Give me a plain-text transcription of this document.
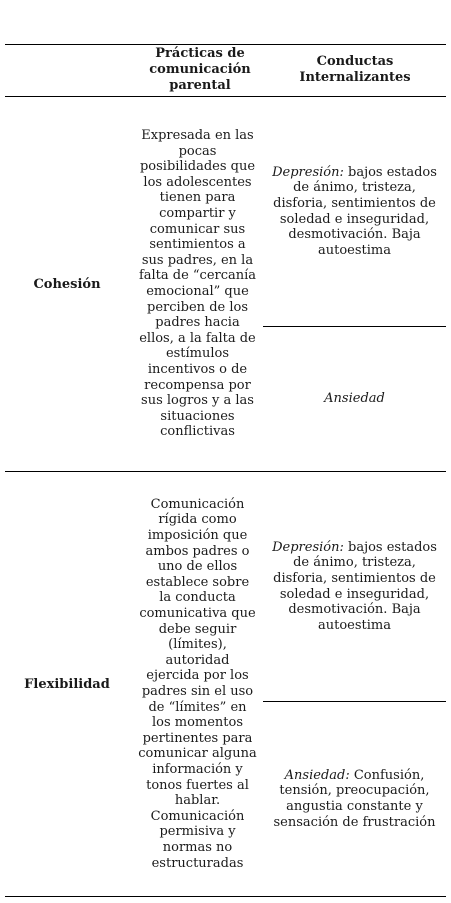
Prácticas de comunicación parental
Conductas Internalizantes
Cohesión
Expresada en las pocas posibilidades que los adolescentes tienen para compartir y comunicar sus sentimientos a sus padres, en la falta de “cercanía emocional” que perciben de los padres hacia ellos, a la falta de estímulos incentivos o de recompensa por sus logros y a las situaciones conflictivas
Depresión: bajos estados de ánimo, tristeza, disforia, sentimientos de soledad e inseguridad, desmotivación. Baja autoestima
Ansiedad
Flexibilidad
Comunicación rígida como imposición que ambos padres o uno de ellos establece sobre la conducta comunicativa que debe seguir (límites), autoridad ejercida por los padres sin el uso de “límites” en los momentos pertinentes para comunicar alguna información y tonos fuertes al hablar. Comunicación permisiva y normas no estructuradas
Depresión: bajos estados de ánimo, tristeza, disforia, sentimientos de soledad e inseguridad, desmotivación. Baja autoestima
Ansiedad: Confusión, tensión, preocupación, angustia constante y sensación de frustración
